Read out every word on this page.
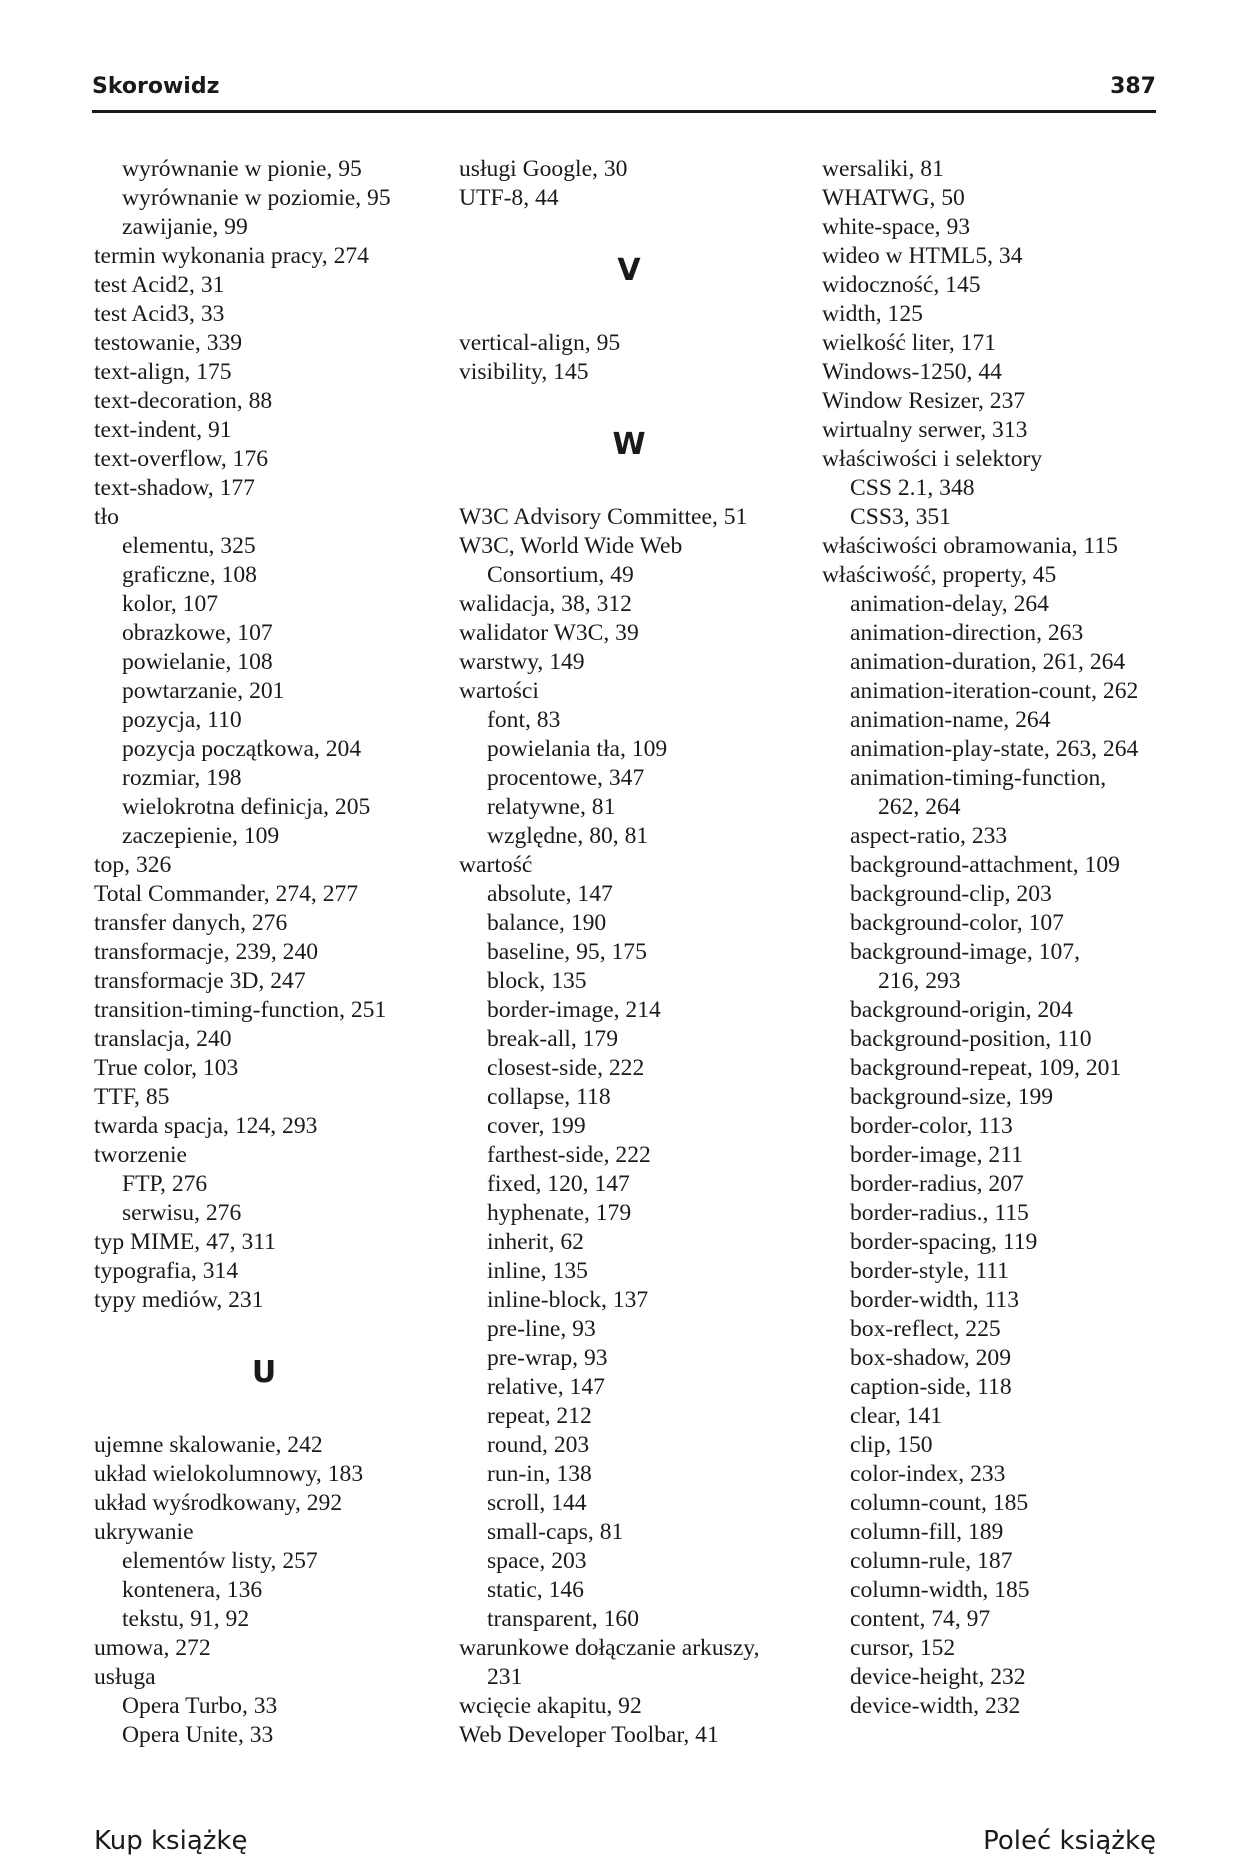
Skorowidz	387
wyrównanie w pionie, 95
wyrównanie w poziomie, 95
zawijanie, 99
termin wykonania pracy, 274
test Acid2, 31
test Acid3, 33
testowanie, 339
text-align, 175
text-decoration, 88
text-indent, 91
text-overflow, 176
text-shadow, 177
tło
elementu, 325
graficzne, 108
kolor, 107
obrazkowe, 107
powielanie, 108
powtarzanie, 201
pozycja, 110
pozycja początkowa, 204
rozmiar, 198
wielokrotna definicja, 205
zaczepienie, 109
top, 326
Total Commander, 274, 277
transfer danych, 276
transformacje, 239, 240
transformacje 3D, 247
transition-timing-function, 251
translacja, 240
True color, 103
TTF, 85
twarda spacja, 124, 293
tworzenie
FTP, 276
serwisu, 276
typ MIME, 47, 311
typografia, 314
typy mediów, 231
U
ujemne skalowanie, 242
układ wielokolumnowy, 183
układ wyśrodkowany, 292
ukrywanie
elementów listy, 257
kontenera, 136
tekstu, 91, 92
umowa, 272
usługa
Opera Turbo, 33
Opera Unite, 33
usługi Google, 30
UTF-8, 44
V
vertical-align, 95
visibility, 145
W
W3C Advisory Committee, 51
W3C, World Wide Web
Consortium, 49
walidacja, 38, 312
walidator W3C, 39
warstwy, 149
wartości
font, 83
powielania tła, 109
procentowe, 347
relatywne, 81
względne, 80, 81
wartość
absolute, 147
balance, 190
baseline, 95, 175
block, 135
border-image, 214
break-all, 179
closest-side, 222
collapse, 118
cover, 199
farthest-side, 222
fixed, 120, 147
hyphenate, 179
inherit, 62
inline, 135
inline-block, 137
pre-line, 93
pre-wrap, 93
relative, 147
repeat, 212
round, 203
run-in, 138
scroll, 144
small-caps, 81
space, 203
static, 146
transparent, 160
warunkowe dołączanie arkuszy,
231
wcięcie akapitu, 92
Web Developer Toolbar, 41
wersaliki, 81
WHATWG, 50
white-space, 93
wideo w HTML5, 34
widoczność, 145
width, 125
wielkość liter, 171
Windows-1250, 44
Window Resizer, 237
wirtualny serwer, 313
właściwości i selektory
CSS 2.1, 348
CSS3, 351
właściwości obramowania, 115
właściwość, property, 45
animation-delay, 264
animation-direction, 263
animation-duration, 261, 264
animation-iteration-count, 262
animation-name, 264
animation-play-state, 263, 264
animation-timing-function,
262, 264
aspect-ratio, 233
background-attachment, 109
background-clip, 203
background-color, 107
background-image, 107,
216, 293
background-origin, 204
background-position, 110
background-repeat, 109, 201
background-size, 199
border-color, 113
border-image, 211
border-radius, 207
border-radius., 115
border-spacing, 119
border-style, 111
border-width, 113
box-reflect, 225
box-shadow, 209
caption-side, 118
clear, 141
clip, 150
color-index, 233
column-count, 185
column-fill, 189
column-rule, 187
column-width, 185
content, 74, 97
cursor, 152
device-height, 232
device-width, 232
Kup książkę	Poleć książkę
